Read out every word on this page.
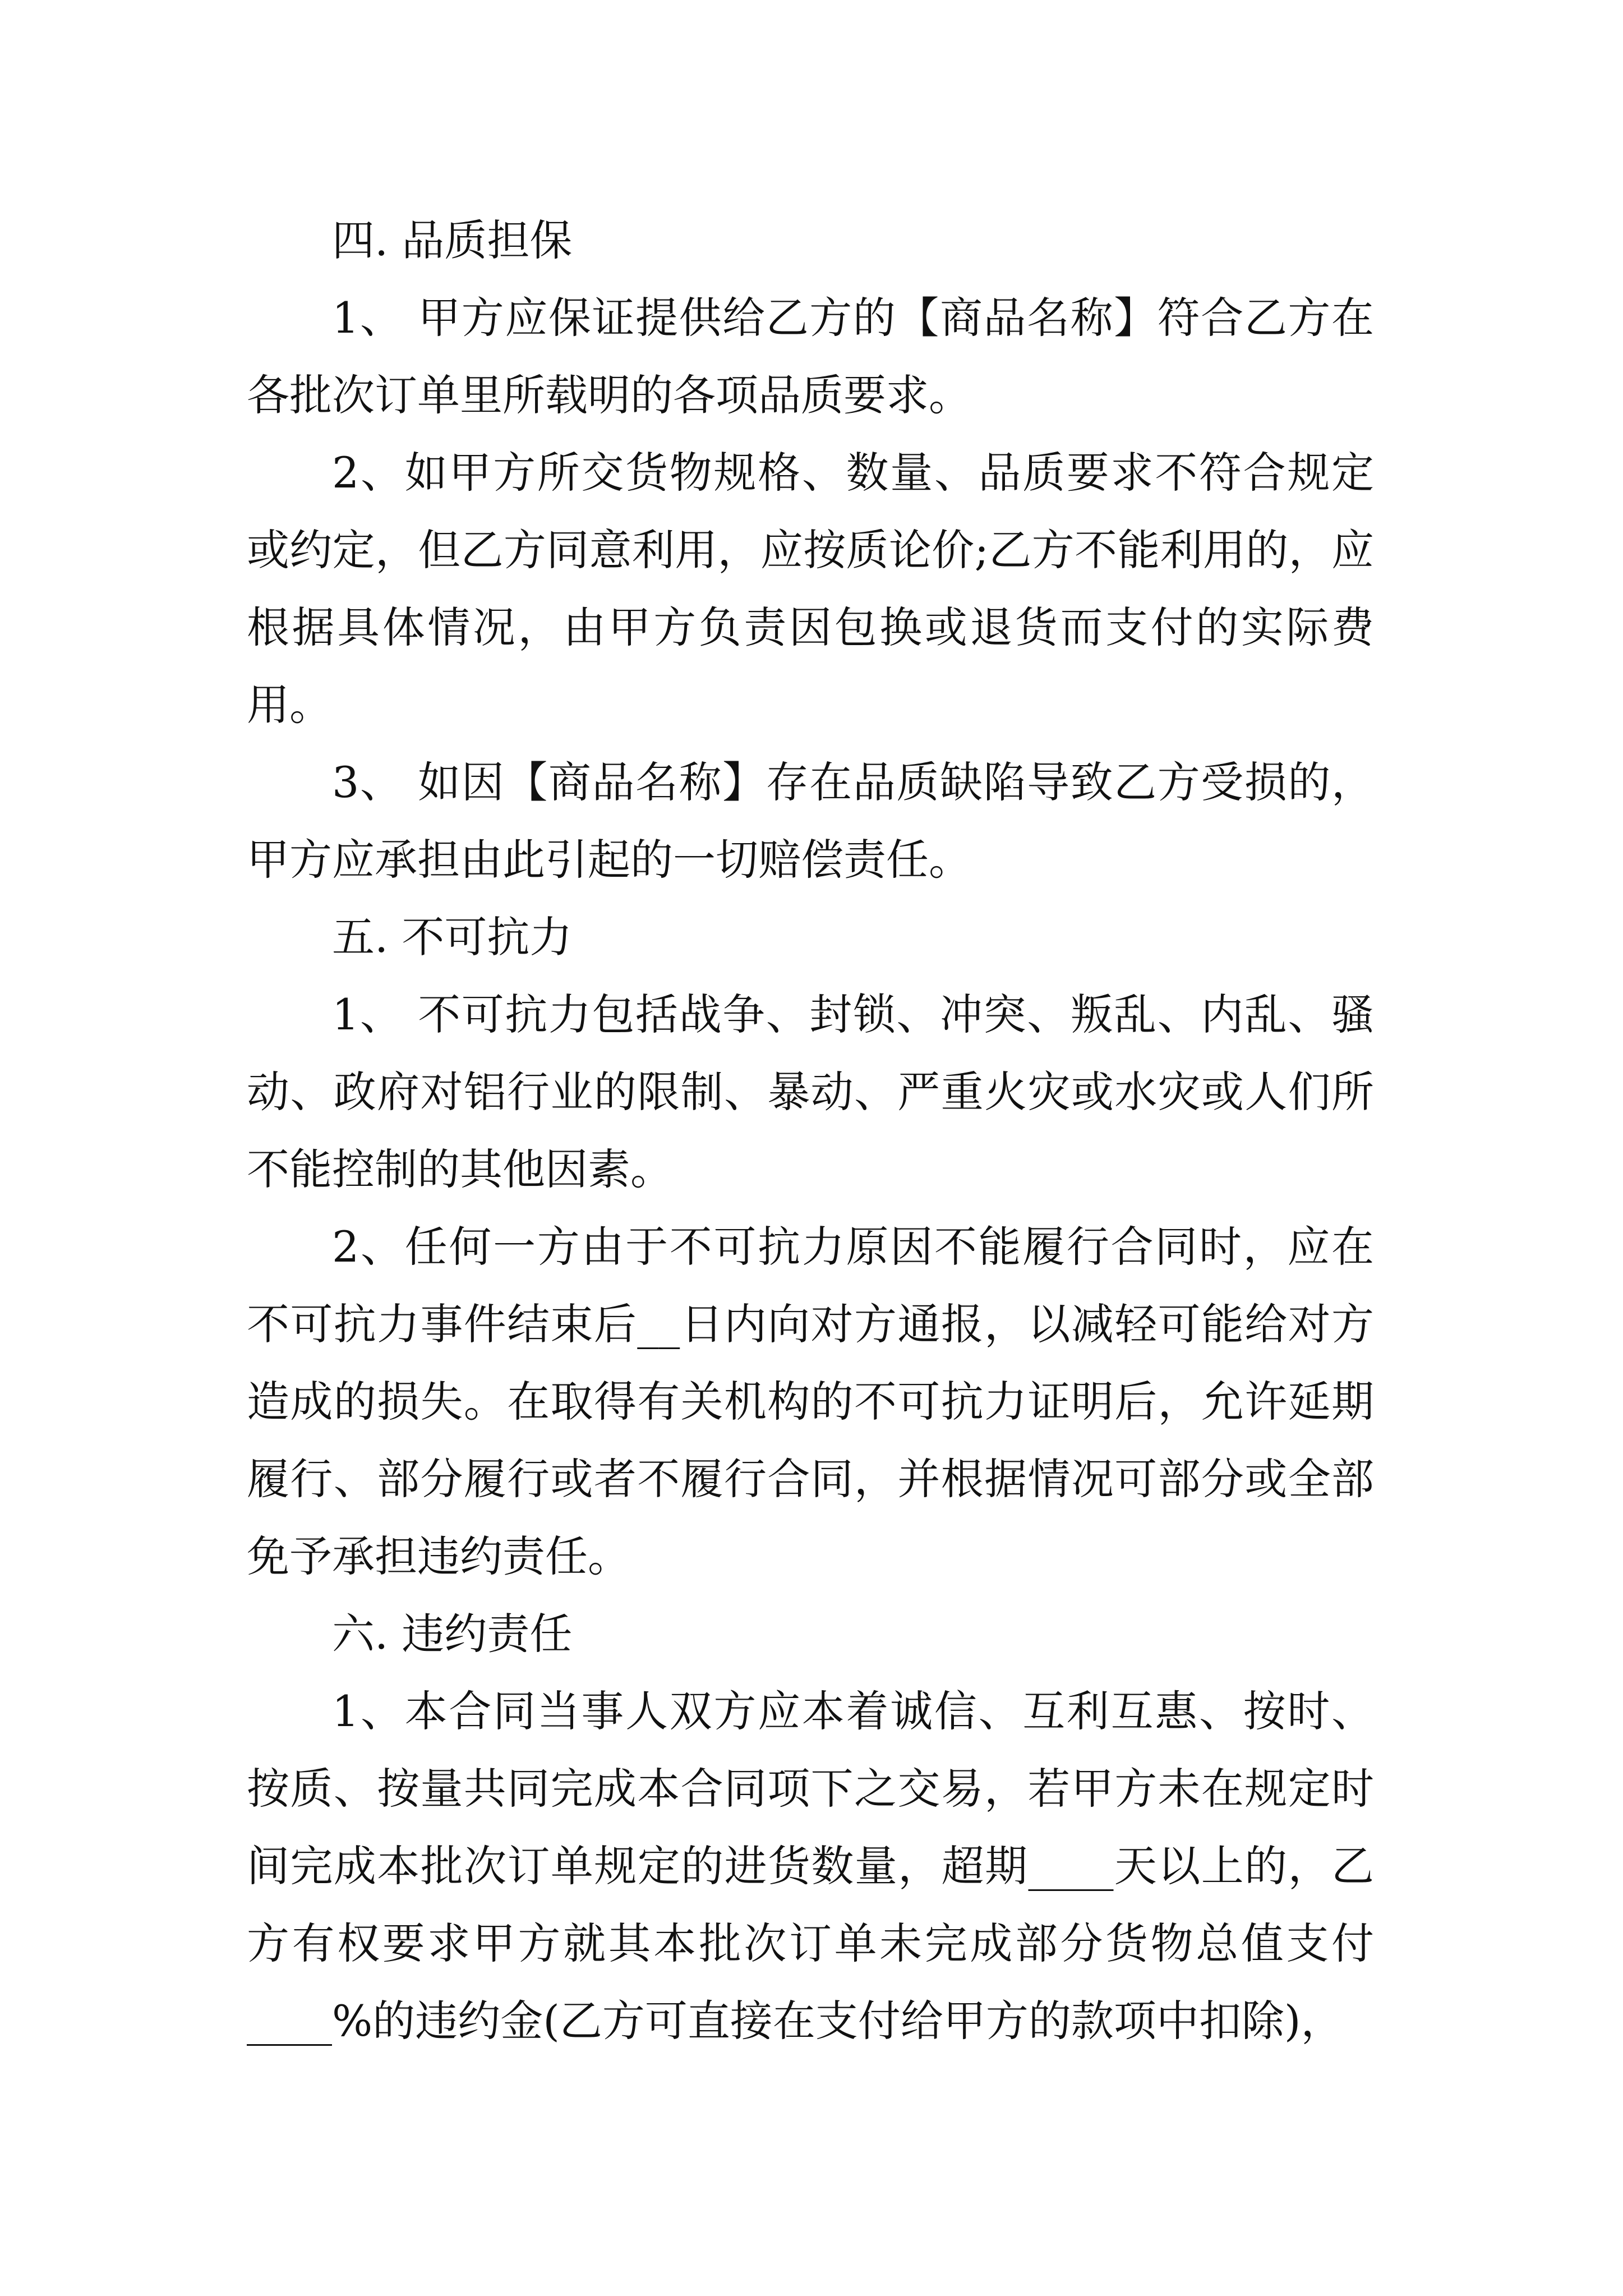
四. 品质担保

1、 甲方应保证提供给乙方的【商品名称】符合乙方在各批次订单里所载明的各项品质要求。

2、如甲方所交货物规格、数量、品质要求不符合规定或约定，但乙方同意利用，应按质论价;乙方不能利用的，应根据具体情况，由甲方负责因包换或退货而支付的实际费用。

3、 如因【商品名称】存在品质缺陷导致乙方受损的，甲方应承担由此引起的一切赔偿责任。

五. 不可抗力

1、 不可抗力包括战争、封锁、冲突、叛乱、内乱、骚动、政府对铝行业的限制、暴动、严重火灾或水灾或人们所不能控制的其他因素。

2、任何一方由于不可抗力原因不能履行合同时，应在不可抗力事件结束后__日内向对方通报，以减轻可能给对方造成的损失。在取得有关机构的不可抗力证明后，允许延期履行、部分履行或者不履行合同，并根据情况可部分或全部免予承担违约责任。

六. 违约责任

1、本合同当事人双方应本着诚信、互利互惠、按时、按质、按量共同完成本合同项下之交易，若甲方未在规定时间完成本批次订单规定的进货数量，超期____天以上的，乙方有权要求甲方就其本批次订单未完成部分货物总值支付____%的违约金(乙方可直接在支付给甲方的款项中扣除)，
